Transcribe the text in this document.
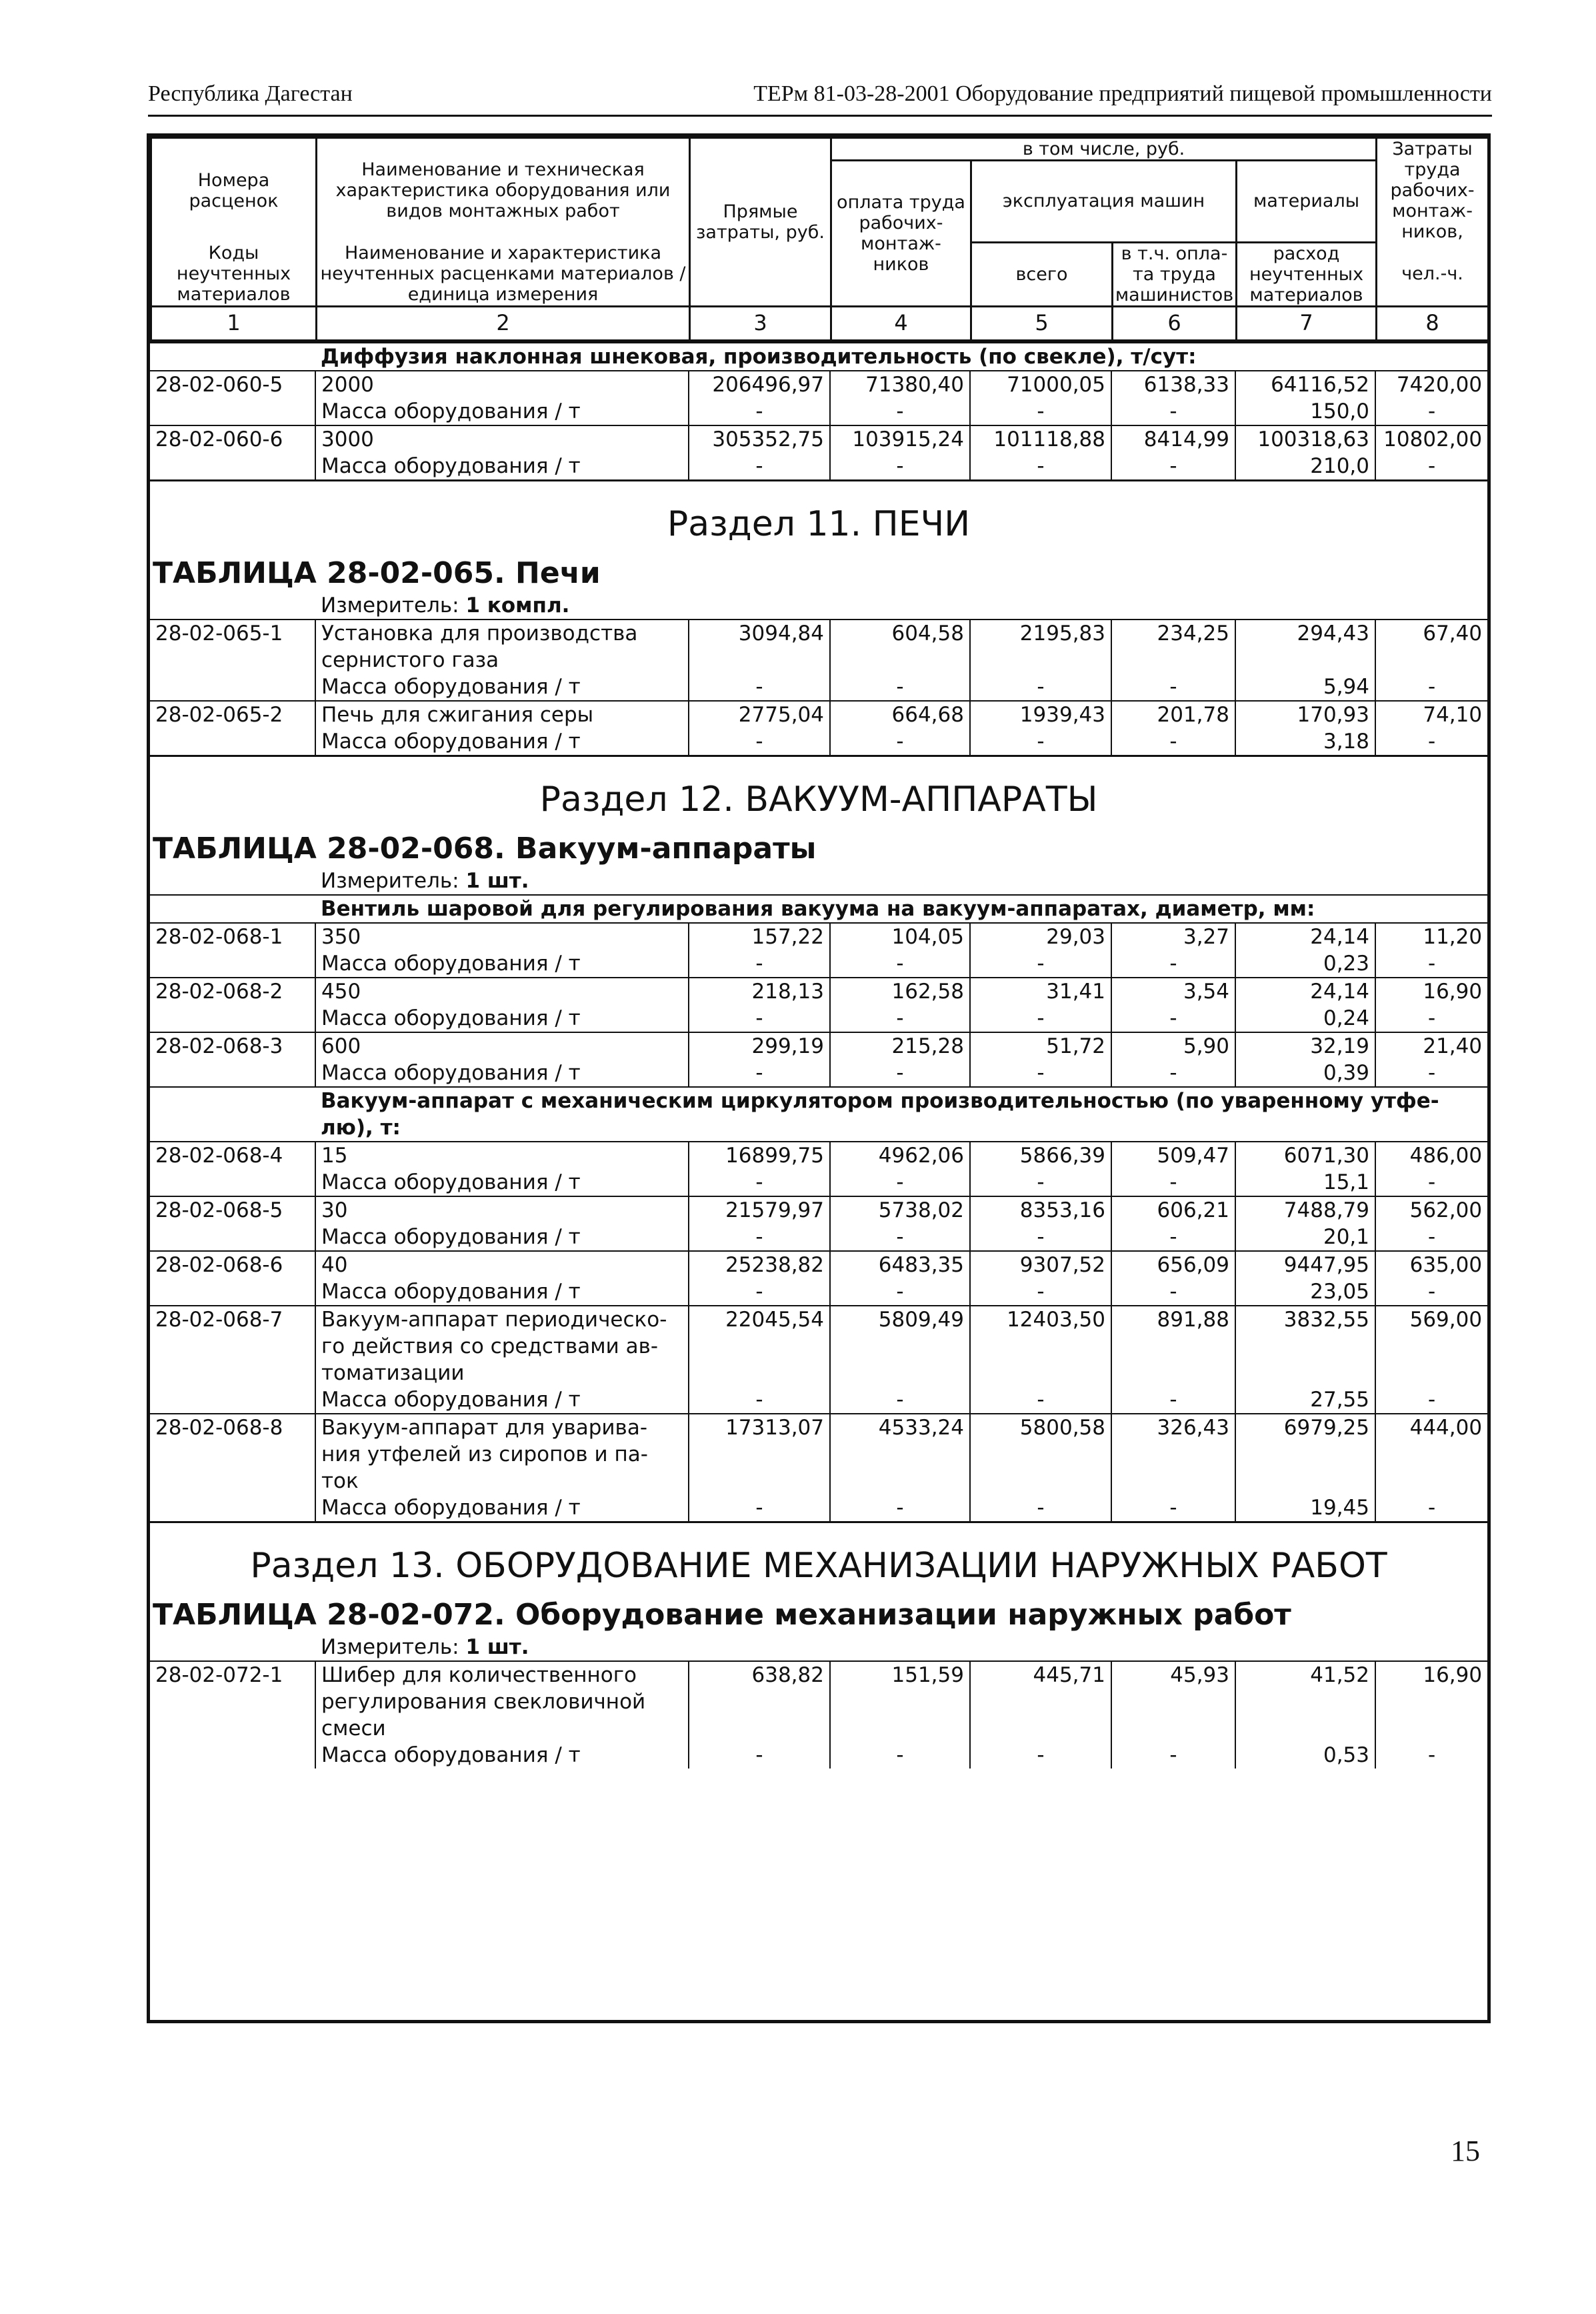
Республика Дагестан	ТЕРм 81-03-28-2001 Оборудование предприятий пищевой промышленности
Номера расценок	Наименование и техническая характеристика оборудования или видов монтажных работ	Прямые затраты, руб.	в том числе, руб.				Затраты труда рабочих-монтаж-ников,
			оплата труда рабочих-монтаж-ников	эксплуатация машин		материалы	
Коды неучтенных материалов	Наименование и характеристика неучтенных расценками материалов / единица измерения			всего	в т.ч. опла-та труда машинистов	расход неучтенных материалов	чел.-ч.

1	2	3	4	5	6	7	8
	Диффузия наклонная шнековая, производительность (по свекле), т/сут:						
28-02-060-5	2000	206496,97	71380,40	71000,05	6138,33	64116,52	7420,00
	Масса оборудования / т	-	-	-	-	150,0	-
28-02-060-6	3000	305352,75	103915,24	101118,88	8414,99	100318,63	10802,00
	Масса оборудования / т	-	-	-	-	210,0	-
Раздел 11. ПЕЧИ							
ТАБЛИЦА 28-02-065. Печи							
	Измеритель: 1 компл.						
28-02-065-1	Установка для производства сернистого газа	3094,84	604,58	2195,83	234,25	294,43	67,40
	Масса оборудования / т	-	-	-	-	5,94	-
28-02-065-2	Печь для сжигания серы	2775,04	664,68	1939,43	201,78	170,93	74,10
	Масса оборудования / т	-	-	-	-	3,18	-
Раздел 12. ВАКУУМ-АППАРАТЫ							
ТАБЛИЦА 28-02-068. Вакуум-аппараты							
	Измеритель: 1 шт.						
	Вентиль шаровой для регулирования вакуума на вакуум-аппаратах, диаметр, мм:						
28-02-068-1	350	157,22	104,05	29,03	3,27	24,14	11,20
	Масса оборудования / т	-	-	-	-	0,23	-
28-02-068-2	450	218,13	162,58	31,41	3,54	24,14	16,90
	Масса оборудования / т	-	-	-	-	0,24	-
28-02-068-3	600	299,19	215,28	51,72	5,90	32,19	21,40
	Масса оборудования / т	-	-	-	-	0,39	-
	Вакуум-аппарат с механическим циркулятором производительностью (по уваренному утфе-лю), т:						
28-02-068-4	15	16899,75	4962,06	5866,39	509,47	6071,30	486,00
	Масса оборудования / т	-	-	-	-	15,1	-
28-02-068-5	30	21579,97	5738,02	8353,16	606,21	7488,79	562,00
	Масса оборудования / т	-	-	-	-	20,1	-
28-02-068-6	40	25238,82	6483,35	9307,52	656,09	9447,95	635,00
	Масса оборудования / т	-	-	-	-	23,05	-
28-02-068-7	Вакуум-аппарат периодическо-го действия со средствами ав-томатизации	22045,54	5809,49	12403,50	891,88	3832,55	569,00
	Масса оборудования / т	-	-	-	-	27,55	-
28-02-068-8	Вакуум-аппарат для уварива-ния утфелей из сиропов и па-ток	17313,07	4533,24	5800,58	326,43	6979,25	444,00
	Масса оборудования / т	-	-	-	-	19,45	-
Раздел 13. ОБОРУДОВАНИЕ МЕХАНИЗАЦИИ НАРУЖНЫХ РАБОТ							
ТАБЛИЦА 28-02-072. Оборудование механизации наружных работ							
	Измеритель: 1 шт.						
28-02-072-1	Шибер для количественного регулирования свекловичной смеси	638,82	151,59	445,71	45,93	41,52	16,90
	Масса оборудования / т	-	-	-	-	0,53	-
15
